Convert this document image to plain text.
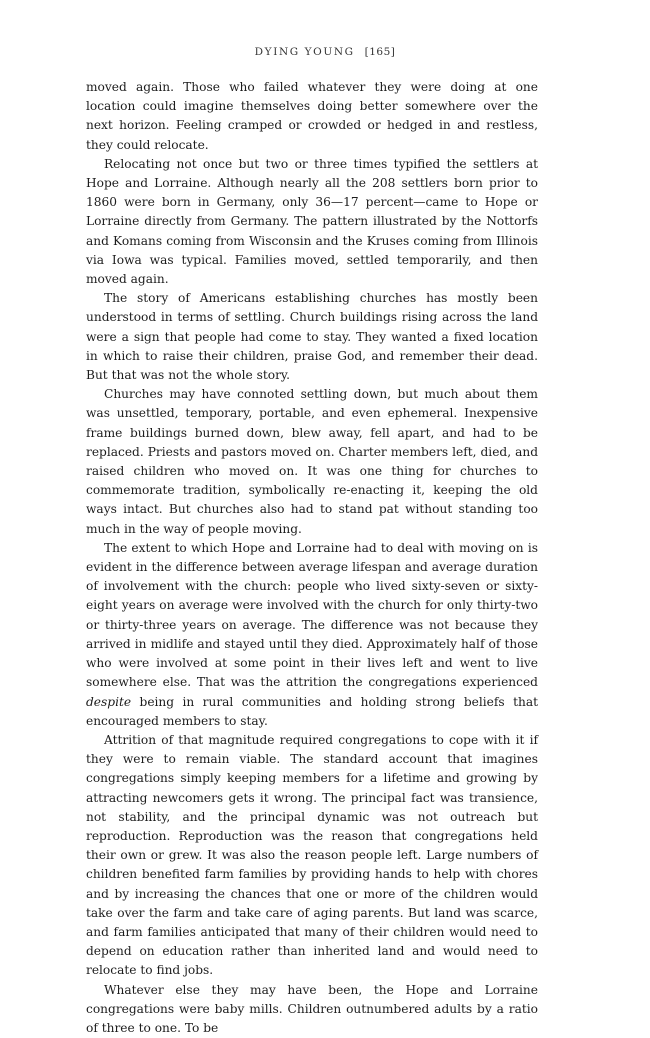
DYING YOUNG [165]

moved again. Those who failed whatever they were doing at one location could imagine themselves doing better somewhere over the next horizon. Feeling cramped or crowded or hedged in and restless, they could relocate.

Relocating not once but two or three times typified the settlers at Hope and Lorraine. Although nearly all the 208 settlers born prior to 1860 were born in Germany, only 36—17 percent—came to Hope or Lorraine directly from Germany. The pattern illustrated by the Nottorfs and Komans coming from Wisconsin and the Kruses coming from Illinois via Iowa was typical. Families moved, settled temporarily, and then moved again.

The story of Americans establishing churches has mostly been understood in terms of settling. Church buildings rising across the land were a sign that people had come to stay. They wanted a fixed location in which to raise their children, praise God, and remember their dead. But that was not the whole story.

Churches may have connoted settling down, but much about them was unsettled, temporary, portable, and even ephemeral. Inexpensive frame buildings burned down, blew away, fell apart, and had to be replaced. Priests and pastors moved on. Charter members left, died, and raised children who moved on. It was one thing for churches to commemorate tradition, symbolically re-enacting it, keeping the old ways intact. But churches also had to stand pat without standing too much in the way of people moving.

The extent to which Hope and Lorraine had to deal with moving on is evident in the difference between average lifespan and average duration of involvement with the church: people who lived sixty-seven or sixty-eight years on average were involved with the church for only thirty-two or thirty-three years on average. The difference was not because they arrived in midlife and stayed until they died. Approximately half of those who were involved at some point in their lives left and went to live somewhere else. That was the attrition the congregations experienced despite being in rural communities and holding strong beliefs that encouraged members to stay.

Attrition of that magnitude required congregations to cope with it if they were to remain viable. The standard account that imagines congregations simply keeping members for a lifetime and growing by attracting newcomers gets it wrong. The principal fact was transience, not stability, and the principal dynamic was not outreach but reproduction. Reproduction was the reason that congregations held their own or grew. It was also the reason people left. Large numbers of children benefited farm families by providing hands to help with chores and by increasing the chances that one or more of the children would take over the farm and take care of aging parents. But land was scarce, and farm families anticipated that many of their children would need to depend on education rather than inherited land and would need to relocate to find jobs.

Whatever else they may have been, the Hope and Lorraine congregations were baby mills. Children outnumbered adults by a ratio of three to one. To be
